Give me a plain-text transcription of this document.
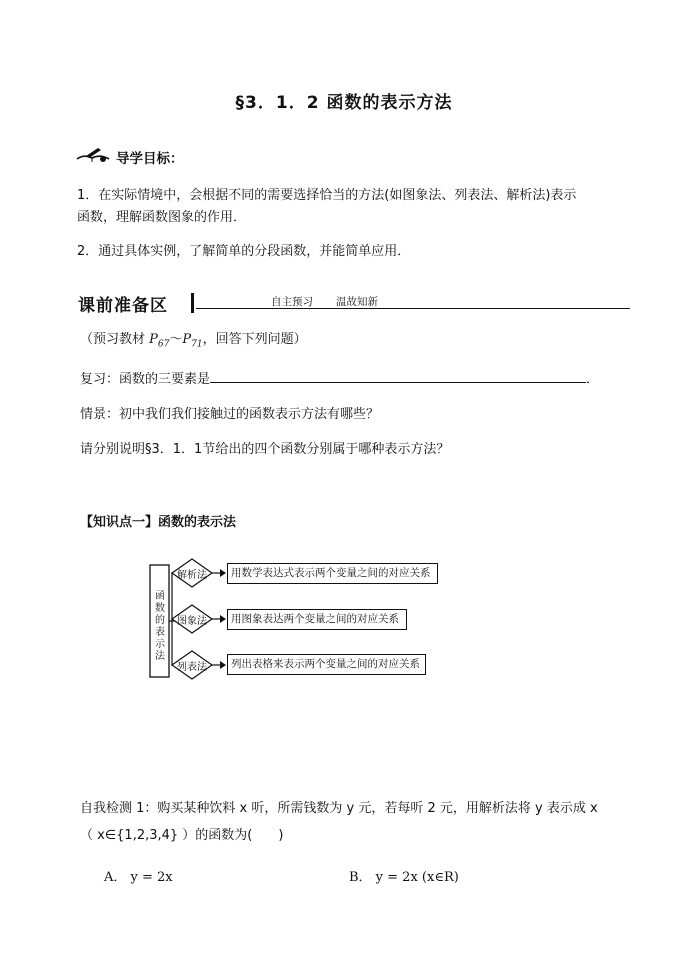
§3．1．2 函数的表示方法
导学目标：
1．在实际情境中，会根据不同的需要选择恰当的方法(如图象法、列表法、解析法)表示
函数，理解函数图象的作用．
2．通过具体实例，了解简单的分段函数，并能简单应用．
课前准备区	自主预习 温故知新
（预习教材 $P_{67}\sim P_{71}$，回答下列问题）
复习：函数的三要素是	．
情景：初中我们我们接触过的函数表示方法有哪些？
请分别说明§3．1．1节给出的四个函数分别属于哪种表示方法？
【知识点一】函数的表示法
函数的表示法
解析法
图象法
列表法
用数学表达式表示两个变量之间的对应关系
用图象表达两个变量之间的对应关系
列出表格来表示两个变量之间的对应关系
自我检测 1：购买某种饮料 x 听，所需钱数为 y 元，若每听 2 元，用解析法将 y 表示成 x
（ x∈{1,2,3,4} ）的函数为(　　)
A． y = 2x	B． y = 2x (x∈R)
